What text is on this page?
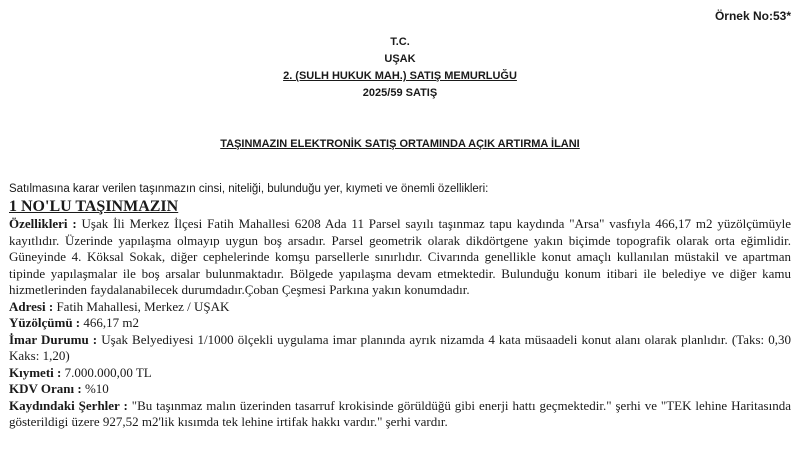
Örnek No:53*
T.C.
UŞAK
2. (SULH HUKUK MAH.) SATIŞ MEMURLUĞU
2025/59 SATIŞ
TAŞINMAZIN ELEKTRONİK SATIŞ ORTAMINDA AÇIK ARTIRMA İLANI
Satılmasına karar verilen taşınmazın cinsi, niteliği, bulunduğu yer, kıymeti ve önemli özellikleri:

1 NO'LU TAŞINMAZIN

Özellikleri : Uşak İli Merkez İlçesi Fatih Mahallesi 6208 Ada 11 Parsel sayılı taşınmaz tapu kaydında "Arsa" vasfıyla 466,17 m2 yüzölçümüyle kayıtlıdır. Üzerinde yapılaşma olmayıp uygun boş arsadır. Parsel geometrik olarak dikdörtgene yakın biçimde topografik olarak orta eğimlidir. Güneyinde 4. Köksal Sokak, diğer cephelerinde komşu parsellerle sınırlıdır. Civarında genellikle konut amaçlı kullanılan müstakil ve apartman tipinde yapılaşmalar ile boş arsalar bulunmaktadır. Bölgede yapılaşma devam etmektedir. Bulunduğu konum itibari ile belediye ve diğer kamu hizmetlerinden faydalanabilecek durumdadır.Çoban Çeşmesi Parkına yakın konumdadır.

Adresi : Fatih Mahallesi, Merkez / UŞAK

Yüzölçümü : 466,17 m2

İmar Durumu : Uşak Belyediyesi 1/1000 ölçekli uygulama imar planında ayrık nizamda 4 kata müsaadeli konut alanı olarak planlıdır. (Taks: 0,30 Kaks: 1,20)

Kıymeti : 7.000.000,00 TL

KDV Oranı : %10

Kaydındaki Şerhler : "Bu taşınmaz malın üzerinden tasarruf krokisinde görüldüğü gibi enerji hattı geçmektedir." şerhi ve "TEK lehine Haritasında gösterildigi üzere 927,52 m2'lik kısımda tek lehine irtifak hakkı vardır." şerhi vardır.
